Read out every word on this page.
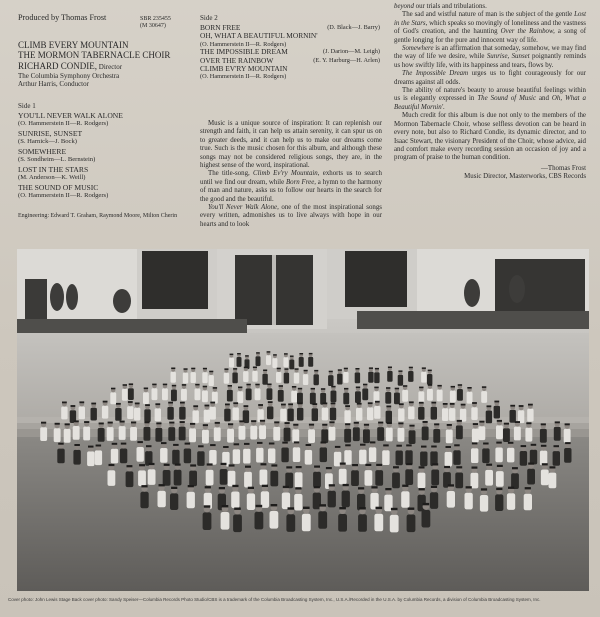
Produced by Thomas Frost	SBR 235455
(M 30647)
CLIMB EVERY MOUNTAIN
THE MORMON TABERNACLE CHOIR
RICHARD CONDIE, Director
The Columbia Symphony Orchestra
Arthur Harris, Conductor
Side 1
YOU'LL NEVER WALK ALONE
(O. Hammerstein II—R. Rodgers)
SUNRISE, SUNSET
(S. Harnick—J. Bock)
SOMEWHERE
(S. Sondheim—L. Bernstein)
LOST IN THE STARS
(M. Anderson—K. Weill)
THE SOUND OF MUSIC
(O. Hammerstein II—R. Rodgers)
Engineering: Edward T. Graham, Raymond Moore, Milton Cherin
Side 2
BORN FREE	(D. Black—J. Barry)
OH, WHAT A BEAUTIFUL MORNIN'
(O. Hammerstein II—R. Rodgers)
THE IMPOSSIBLE DREAM	(J. Darion—M. Leigh)
OVER THE RAINBOW	(E. Y. Harburg—H. Arlen)
CLIMB EV'RY MOUNTAIN
(O. Hammerstein II—R. Rodgers)

Music is a unique source of inspiration: It can replenish our strength and faith, it can help us attain serenity, it can spur us on to greater deeds, and it can help us to make our dreams come true. Such is the music chosen for this album, and although these songs may not be considered religious songs, they are, in the highest sense of the word, inspirational.

The title-song, Climb Ev'ry Mountain, exhorts us to search until we find our dream, while Born Free, a hymn to the harmony of man and nature, asks us to follow our hearts in the search for the good and the beautiful.

You'll Never Walk Alone, one of the most inspirational songs every written, admonishes us to live always with hope in our hearts and to look

beyond our trials and tribulations.

The sad and wistful nature of man is the subject of the gentle Lost in the Stars, which speaks so movingly of loneliness and the vastness of God's creation, and the haunting Over the Rainbow, a song of gentle longing for the pure and innocent way of life.

Somewhere is an affirmation that someday, somehow, we may find the way of life we desire, while Sunrise, Sunset poignantly reminds us how swiftly life, with its happiness and tears, flows by.

The Impossible Dream urges us to fight courageously for our dreams against all odds.

The ability of nature's beauty to arouse beautiful feelings within us is elegantly expressed in The Sound of Music and Oh, What a Beautiful Mornin'.

Much credit for this album is due not only to the members of the Mormon Tabernacle Choir, whose selfless devotion can be heard in every note, but also to Richard Condie, its dynamic director, and to Isaac Stewart, the visionary President of the Choir, whose advice, aid and comfort make every recording session an occasion of joy and a program of praise to the human condition.

—Thomas Frost
Music Director, Masterworks, CBS Records
Cover photo: John Lewis Stage Back cover photo: Sandy Speiser—Columbia Records Photo Studio/CBS is a trademark of the Columbia Broadcasting System, Inc., U.S.A./Recorded in the U.S.A. by Columbia Records, a division of Columbia Broadcasting System, Inc.
